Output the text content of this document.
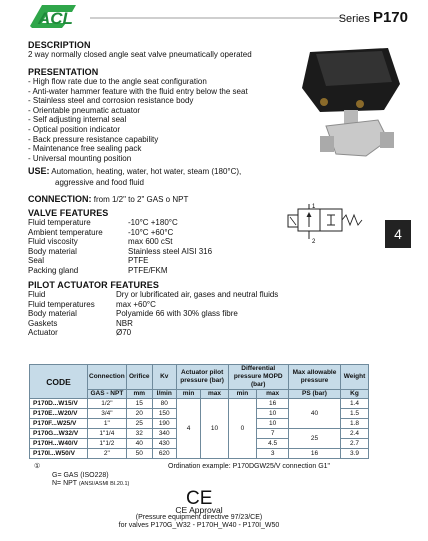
ACL	Series P170
DESCRIPTION
2 way normally closed angle seat valve pneumatically operated
PRESENTATION
- High flow rate due to the angle seat configuration
- Anti-water hammer feature with the fluid entry below the seat
- Stainless steel and corrosion resistance body
- Orientable pneumatic actuator
- Self adjusting internal seal
- Optical position indicator
- Back pressure resistance capability
- Maintenance free sealing pack
- Universal mounting position
USE: Automation, heating, water, hot water, steam (180°C),
aggressive and food fluid
CONNECTION: from 1/2" to 2" GAS o NPT
VALVE FEATURES
Fluid temperature	-10°C +180°C
Ambient temperature	-10°C +60°C
Fluid viscosity	max 600 cSt
Body material	Stainless steel AISI 316
Seal	PTFE
Packing gland	PTFE/FKM
1
2	4
PILOT ACTUATOR FEATURES
Fluid	Dry or lubrificated air, gases and neutral fluids
Fluid temperatures	max +60°C
Body material	Polyamide 66 with 30% glass fibre
Gaskets	NBR
Actuator	Ø70
CODE	Connection	Orifice	Kv	Actuator pilot pressure (bar)		Differential pressure MOPD (bar)		Max allowable pressure	Weight
	GAS - NPT	mm	l/min	min	max	min	max	PS (bar)	Kg
P170D...W15/V	1/2"	15	80	4	10	0	16	40	1.4
P170E...W20/V	3/4"	20	150				10		1.5
P170F...W25/V	1"	25	190				10		1.8
P170G...W32/V	1"1/4	32	340				7	25	2.4
P170H...W40/V	1"1/2	40	430				4.5		2.7
P170I...W50/V	2"	50	620				3	16	3.9
①
G= GAS (ISO228)
N= NPT (ANSI/ASMI BI.20.1)
Ordination example: P170DGW25/V connection G1"
CE
CE Approval
(Pressure equipment directive 97/23/CE)
for valves P170G_W32 - P170H_W40 - P170I_W50
